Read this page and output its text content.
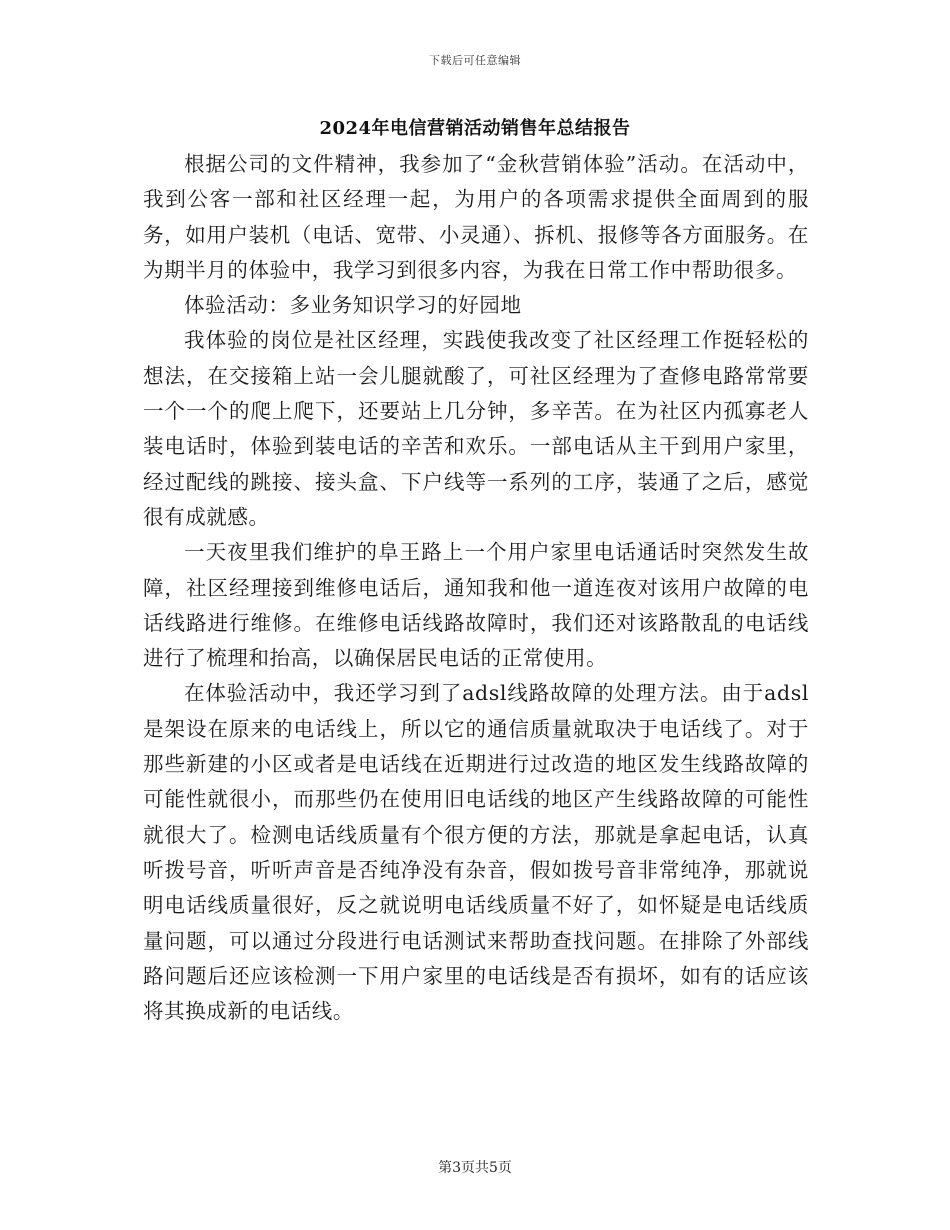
下载后可任意编辑
2024年电信营销活动销售年总结报告

根据公司的文件精神，我参加了“金秋营销体验”活动。在活动中，我到公客一部和社区经理一起，为用户的各项需求提供全面周到的服务，如用户装机（电话、宽带、小灵通）、拆机、报修等各方面服务。在为期半月的体验中，我学习到很多内容，为我在日常工作中帮助很多。

体验活动：多业务知识学习的好园地

我体验的岗位是社区经理，实践使我改变了社区经理工作挺轻松的想法，在交接箱上站一会儿腿就酸了，可社区经理为了查修电路常常要一个一个的爬上爬下，还要站上几分钟，多辛苦。在为社区内孤寡老人装电话时，体验到装电话的辛苦和欢乐。一部电话从主干到用户家里，经过配线的跳接、接头盒、下户线等一系列的工序，装通了之后，感觉很有成就感。

一天夜里我们维护的阜王路上一个用户家里电话通话时突然发生故障，社区经理接到维修电话后，通知我和他一道连夜对该用户故障的电话线路进行维修。在维修电话线路故障时，我们还对该路散乱的电话线进行了梳理和抬高，以确保居民电话的正常使用。

在体验活动中，我还学习到了adsl线路故障的处理方法。由于adsl是架设在原来的电话线上，所以它的通信质量就取决于电话线了。对于那些新建的小区或者是电话线在近期进行过改造的地区发生线路故障的可能性就很小，而那些仍在使用旧电话线的地区产生线路故障的可能性就很大了。检测电话线质量有个很方便的方法，那就是拿起电话，认真听拨号音，听听声音是否纯净没有杂音，假如拨号音非常纯净，那就说明电话线质量很好，反之就说明电话线质量不好了，如怀疑是电话线质量问题，可以通过分段进行电话测试来帮助查找问题。在排除了外部线路问题后还应该检测一下用户家里的电话线是否有损坏，如有的话应该将其换成新的电话线。

第3页共5页
